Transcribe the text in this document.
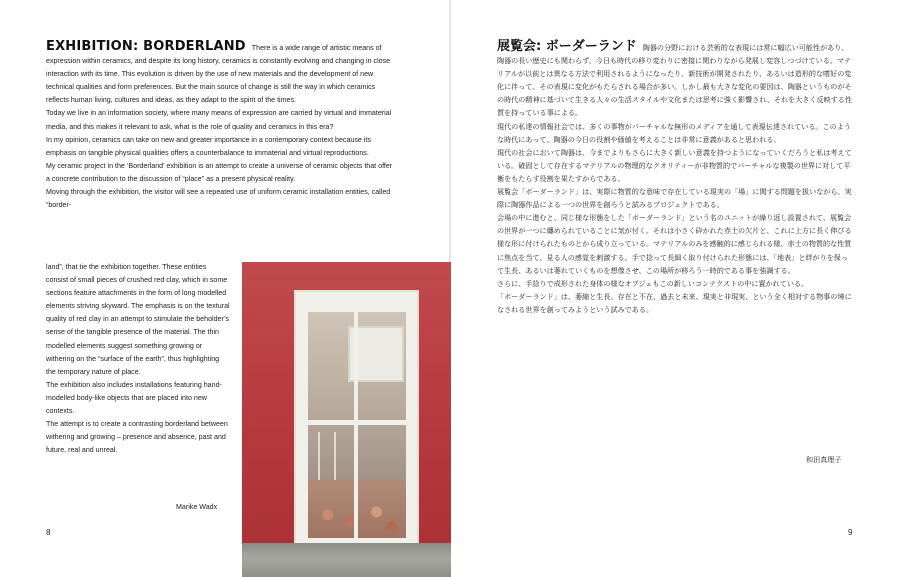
EXHIBITION: BORDERLAND There is a wide range of artistic means of expression within ceramics, and despite its long history, ceramics is constantly evolving and changing in close interaction with its time. This evolution is driven by the use of new materials and the development of new technical qualities and form preferences. But the main source of change is still the way in which ceramics reflects human living, cultures and ideas, as they adapt to the spirit of the times.

Today we live in an information society, where many means of expression are carried by virtual and immaterial media, and this makes it relevant to ask, what is the role of quality and ceramics in this era?

In my opinion, ceramics can take on new and greater importance in a contemporary context because its emphasis on tangible physical qualities offers a counterbalance to immaterial and virtual reproductions.

My ceramic project in the ‘Borderland’ exhibition is an attempt to create a universe of ceramic objects that offer a concrete contribution to the discussion of “place” as a present physical reality.

Moving through the exhibition, the visitor will see a repeated use of uniform ceramic installation entities, called “border-

land”, that tie the exhibition together. These entities consist of small pieces of crushed red clay, which in some sections feature attachments in the form of long modelled elements striving skyward. The emphasis is on the textural quality of red clay in an attempt to stimulate the beholder’s sense of the tangible presence of the material. The thin modelled elements suggest something growing or withering on the “surface of the earth”, thus highlighting the temporary nature of place.

The exhibition also includes installations featuring hand-modelled body-like objects that are placed into new contexts.

The attempt is to create a contrasting borderland between withering and growing – presence and absence, past and future, real and unreal.

Marike Wadx
8

展覧会: ボーダーランド 陶器の分野における芸術的な表現には常に幅広い可能性があり、陶器の長い歴史にも関わらず、今日も時代の移り変わりに密接に関わりながら発展し変容しつづけている。マテリアルが以前とは異なる方法で利用されるようになったり、新技術が開発されたり、あるいは造形的な嗜好の変化に伴って、その表現に変化がもたらされる場合が多い。しかし最も大きな変化の要因は、陶器というものがその時代の精神に基づいて生きる人々の生活スタイルや文化または思考に強く影響され、それを大きく反映する性質を持っている事による。

現代の私達の情報社会では、多くの事物がバーチャルな無形のメディアを通して表現伝達されている。このような時代にあって、陶器の今日の役割や価値を考えることは非常に意義があると思われる。

現代の社会において陶器は、今までよりもさらに大きく新しい意義を持つようになっていくだろうと私は考えている。確固として存在するマテリアルの物理的なクオリティーが非物質的でバーチャルな複製の世界に対して平衡をもたらす役割を果たすからである。

展覧会「ボーダーランド」は、実際に物質的な意味で存在している現実の「場」に関する問題を扱いながら、実際に陶器作品による一つの世界を創ろうと試みるプロジェクトである。

会場の中に進むと、同じ様な形態をした「ボーダーランド」という名のユニットが繰り返し設置されて、展覧会の世界が一つに纏められていることに気が付く。それは小さく砕かれた赤土の欠片と、これに上方に長く伸びる様な形に付けられたものとから成り立っている。マテリアルのみを感触的に感じられる様、赤土の物質的な性質に焦点を当て、見る人の感覚を刺激する。手で捻って長細く取り付けられた形態には、「地表」と絆がりを保って生長、あるいは萎れていくものを想像させ、この場所が移ろう一時的である事を強調する。

さらに、手捻りで成形された身体の様なオブジェもこの新しいコンテクストの中に置かれている。

「ボーダーランド」は、萎縮と生長、存在と不在、過去と未来、現実と非現実、という全く相対する物事の境になされる世界を創ってみようという試みである。

和田真理子
9
